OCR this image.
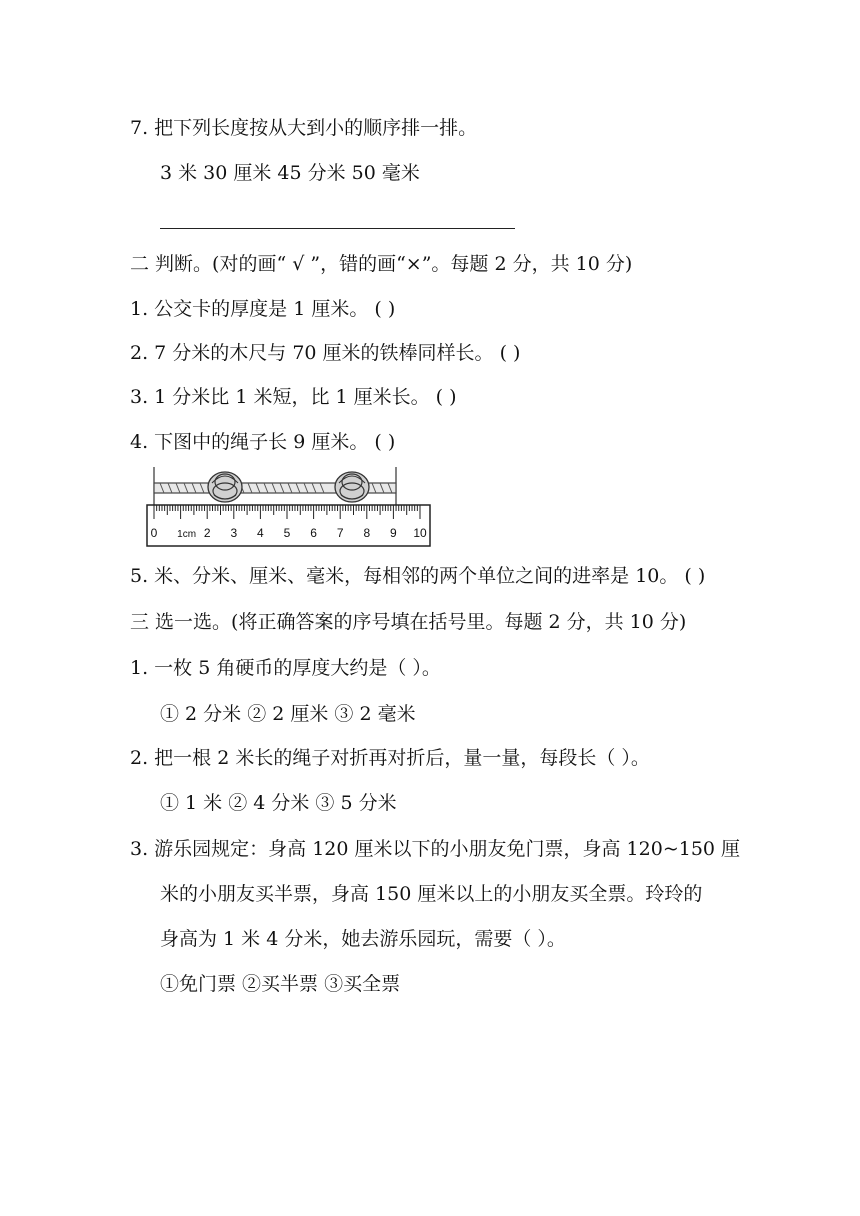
7. 把下列长度按从大到小的顺序排一排。
3 米 30 厘米 45 分米 50 毫米
二 判断。(对的画“ √ ”，错的画“×”。每题 2 分，共 10 分)
1. 公交卡的厚度是 1 厘米。 ( )
2. 7 分米的木尺与 70 厘米的铁棒同样长。 ( )
3. 1 分米比 1 米短，比 1 厘米长。 ( )
4. 下图中的绳子长 9 厘米。 ( )
0 1cm 2 3 4 5 6 7 8 9 10
5. 米、分米、厘米、毫米，每相邻的两个单位之间的进率是 10。 ( )
三 选一选。(将正确答案的序号填在括号里。每题 2 分，共 10 分)
1. 一枚 5 角硬币的厚度大约是（ ）。
① 2 分米 ② 2 厘米 ③ 2 毫米
2. 把一根 2 米长的绳子对折再对折后，量一量，每段长（ ）。
① 1 米 ② 4 分米 ③ 5 分米
3. 游乐园规定：身高 120 厘米以下的小朋友免门票，身高 120~150 厘
米的小朋友买半票，身高 150 厘米以上的小朋友买全票。玲玲的
身高为 1 米 4 分米，她去游乐园玩，需要（ ）。
①免门票 ②买半票 ③买全票
